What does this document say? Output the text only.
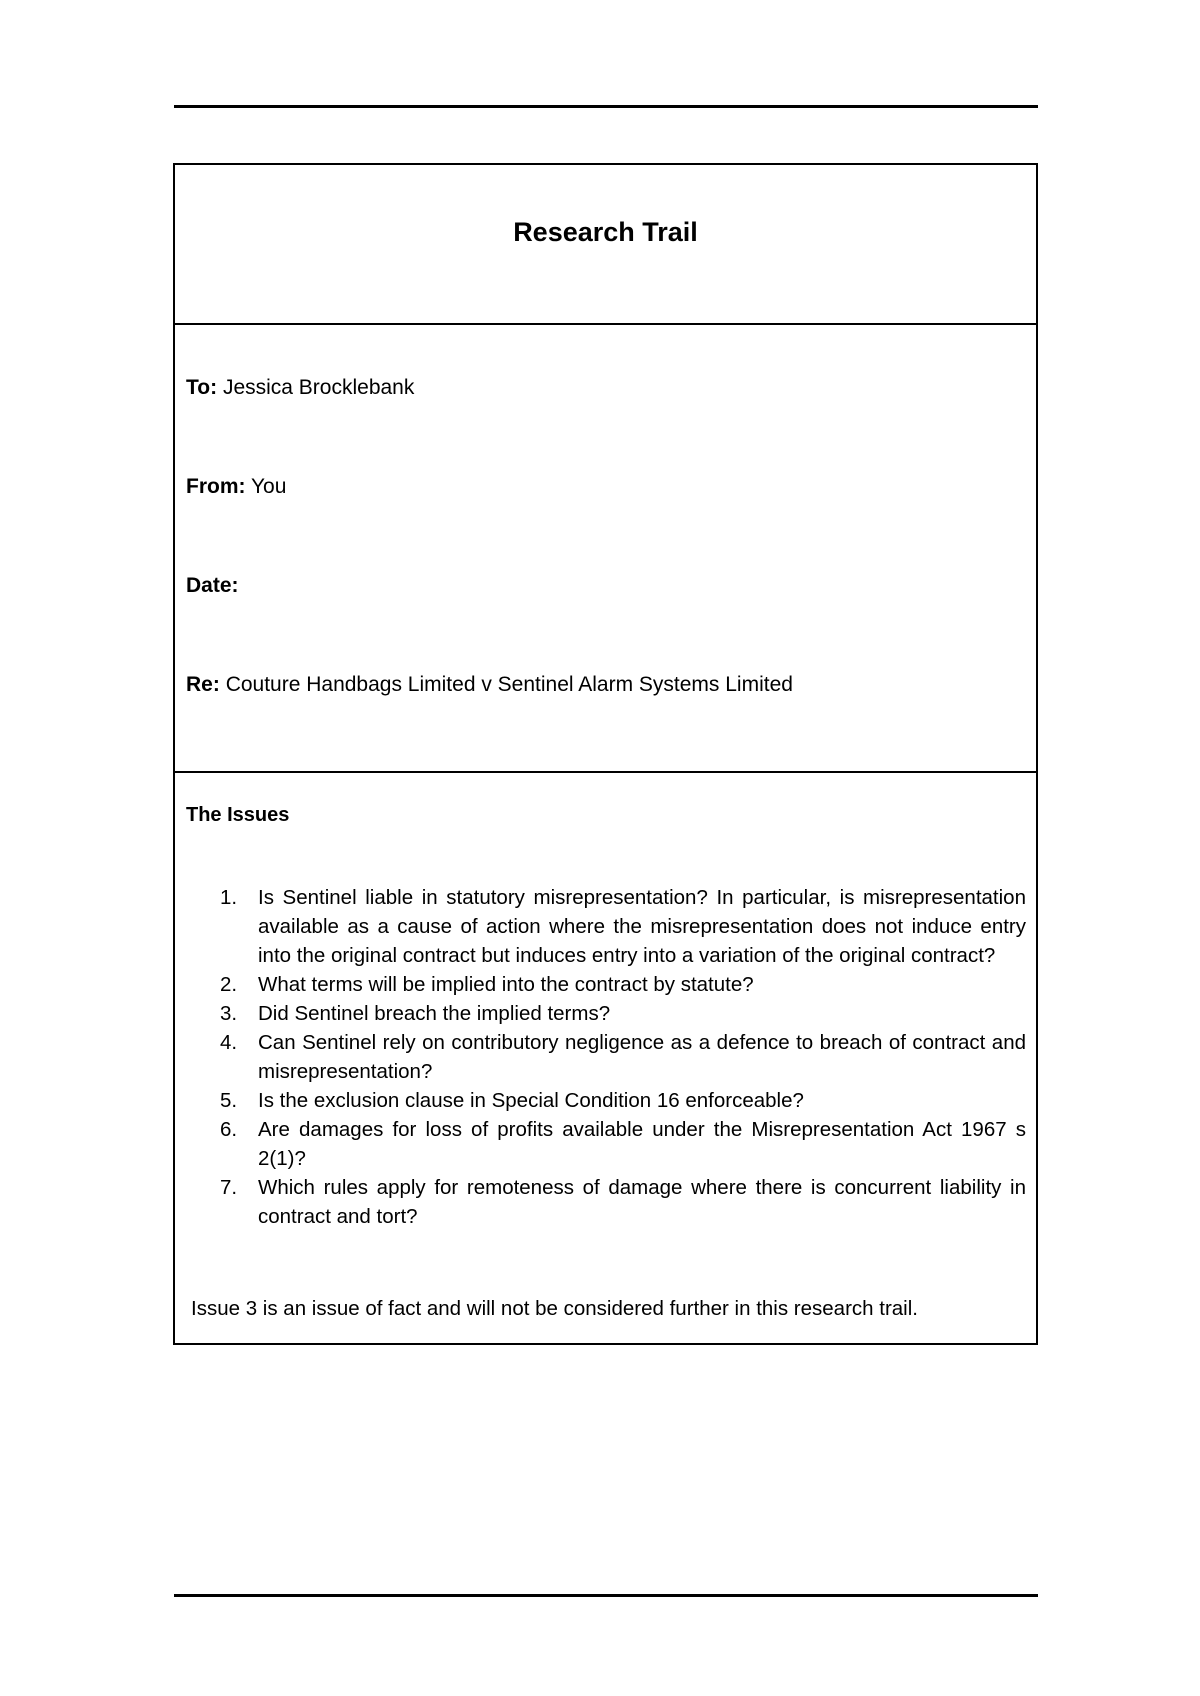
Research Trail
To: Jessica Brocklebank
From: You
Date:
Re: Couture Handbags Limited v Sentinel Alarm Systems Limited
The Issues
1. Is Sentinel liable in statutory misrepresentation? In particular, is misrepresentation available as a cause of action where the misrepresentation does not induce entry into the original contract but induces entry into a variation of the original contract?
2. What terms will be implied into the contract by statute?
3. Did Sentinel breach the implied terms?
4. Can Sentinel rely on contributory negligence as a defence to breach of contract and misrepresentation?
5. Is the exclusion clause in Special Condition 16 enforceable?
6. Are damages for loss of profits available under the Misrepresentation Act 1967 s 2(1)?
7. Which rules apply for remoteness of damage where there is concurrent liability in contract and tort?

Issue 3 is an issue of fact and will not be considered further in this research trail.
